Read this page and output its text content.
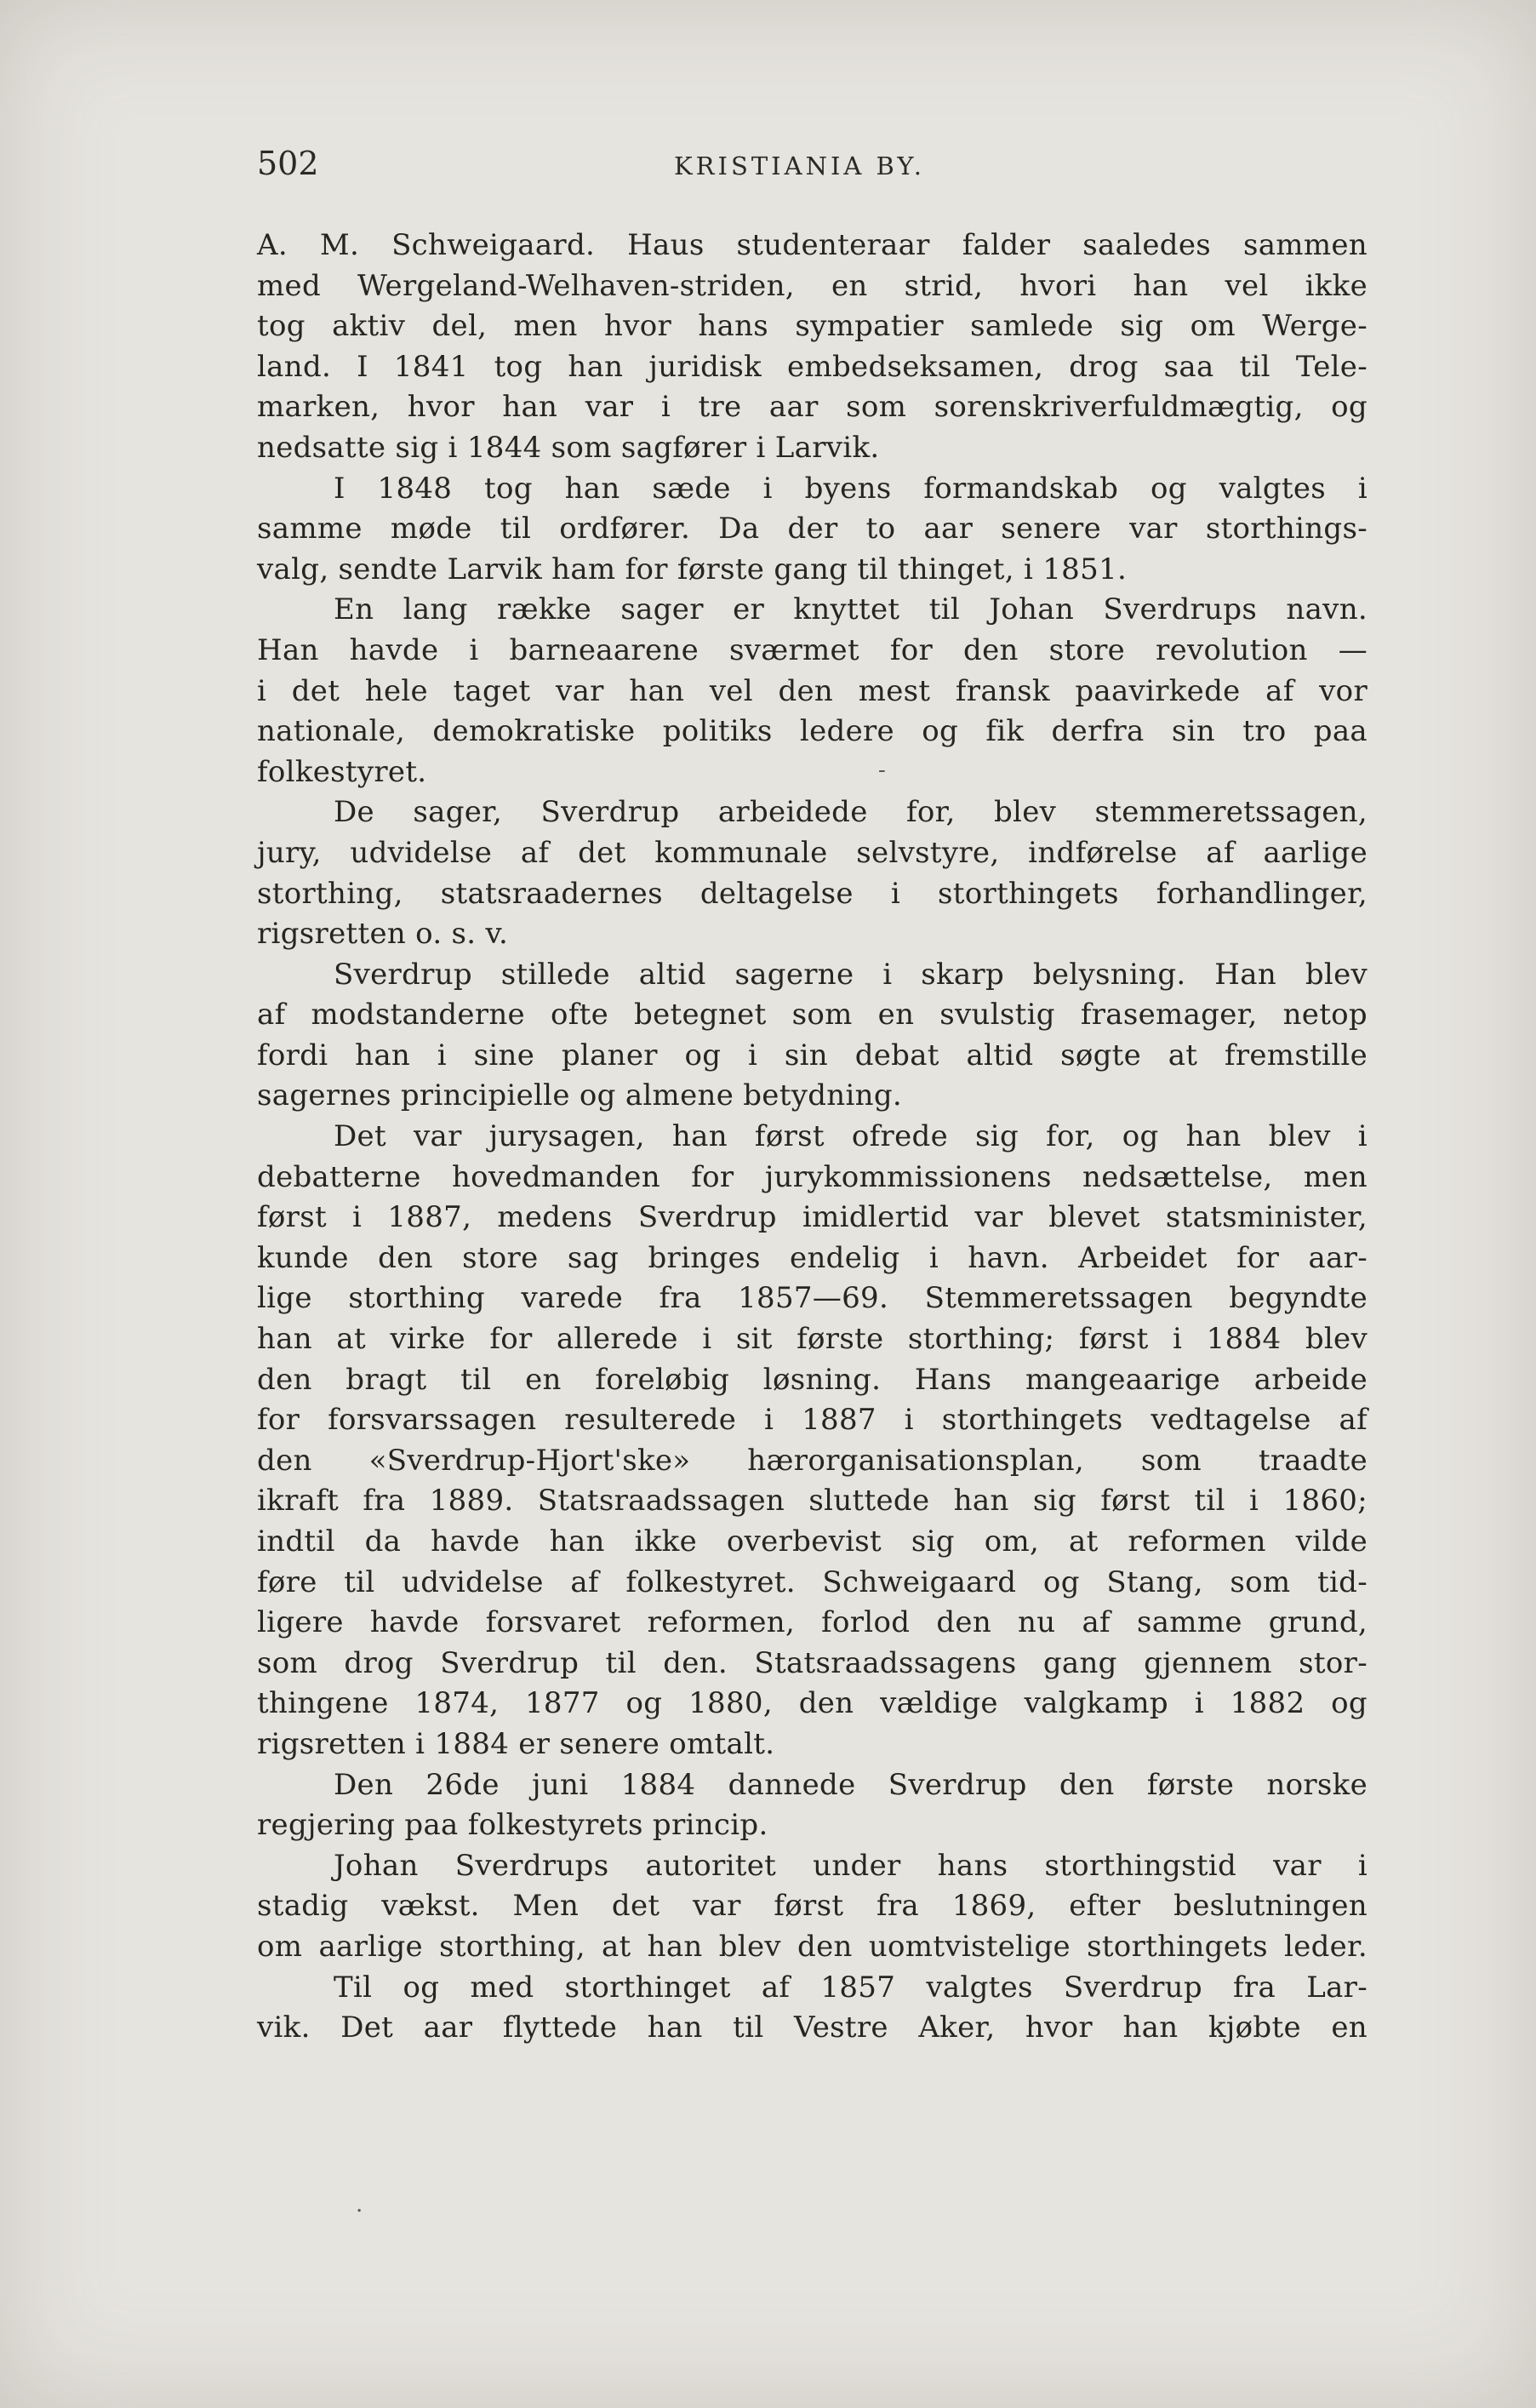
502	KRISTIANIA BY.
A. M. Schweigaard. Haus studenteraar falder saaledes sammen
med Wergeland-Welhaven-striden, en strid, hvori han vel ikke
tog aktiv del, men hvor hans sympatier samlede sig om Werge-
land. I 1841 tog han juridisk embedseksamen, drog saa til Tele-
marken, hvor han var i tre aar som sorenskriverfuldmægtig, og
nedsatte sig i 1844 som sagfører i Larvik.
I 1848 tog han sæde i byens formandskab og valgtes i
samme møde til ordfører. Da der to aar senere var storthings-
valg, sendte Larvik ham for første gang til thinget, i 1851.
En lang række sager er knyttet til Johan Sverdrups navn.
Han havde i barneaarene sværmet for den store revolution —
i det hele taget var han vel den mest fransk paavirkede af vor
nationale, demokratiske politiks ledere og fik derfra sin tro paa
folkestyret.
De sager, Sverdrup arbeidede for, blev stemmeretssagen,
jury, udvidelse af det kommunale selvstyre, indførelse af aarlige
storthing, statsraadernes deltagelse i storthingets forhandlinger,
rigsretten o. s. v.
Sverdrup stillede altid sagerne i skarp belysning. Han blev
af modstanderne ofte betegnet som en svulstig frasemager, netop
fordi han i sine planer og i sin debat altid søgte at fremstille
sagernes principielle og almene betydning.
Det var jurysagen, han først ofrede sig for, og han blev i
debatterne hovedmanden for jurykommissionens nedsættelse, men
først i 1887, medens Sverdrup imidlertid var blevet statsminister,
kunde den store sag bringes endelig i havn. Arbeidet for aar-
lige storthing varede fra 1857—69. Stemmeretssagen begyndte
han at virke for allerede i sit første storthing; først i 1884 blev
den bragt til en foreløbig løsning. Hans mangeaarige arbeide
for forsvarssagen resulterede i 1887 i storthingets vedtagelse af
den «Sverdrup-Hjort'ske» hærorganisationsplan, som traadte
ikraft fra 1889. Statsraadssagen sluttede han sig først til i 1860;
indtil da havde han ikke overbevist sig om, at reformen vilde
føre til udvidelse af folkestyret. Schweigaard og Stang, som tid-
ligere havde forsvaret reformen, forlod den nu af samme grund,
som drog Sverdrup til den. Statsraadssagens gang gjennem stor-
thingene 1874, 1877 og 1880, den vældige valgkamp i 1882 og
rigsretten i 1884 er senere omtalt.
Den 26de juni 1884 dannede Sverdrup den første norske
regjering paa folkestyrets princip.
Johan Sverdrups autoritet under hans storthingstid var i
stadig vækst. Men det var først fra 1869, efter beslutningen
om aarlige storthing, at han blev den uomtvistelige storthingets leder.
Til og med storthinget af 1857 valgtes Sverdrup fra Lar-
vik. Det aar flyttede han til Vestre Aker, hvor han kjøbte en
-
.
